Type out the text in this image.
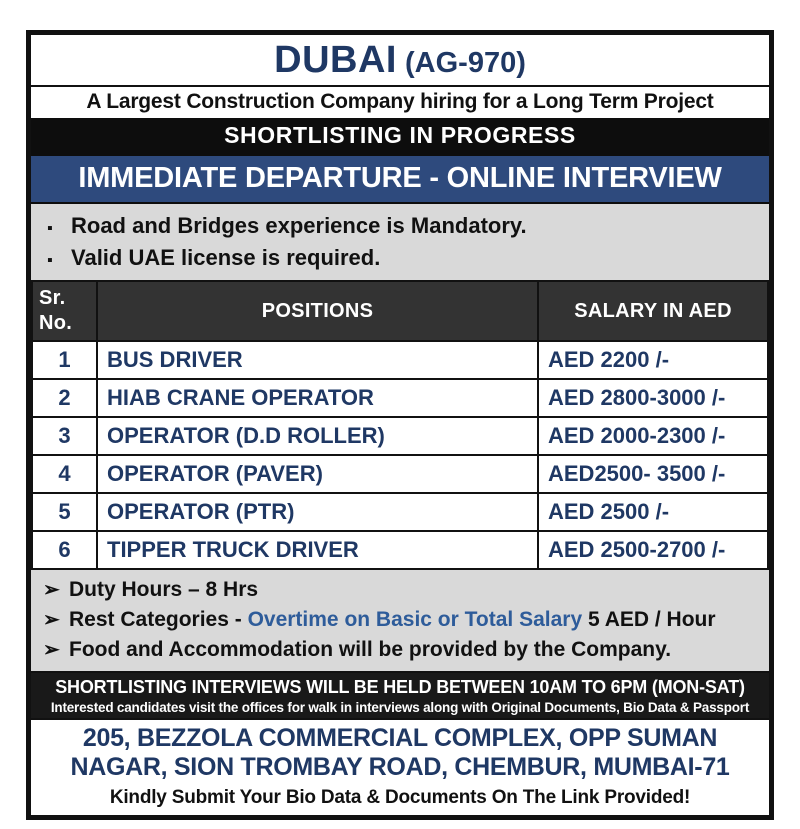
DUBAI (AG-970)
A Largest Construction Company hiring for a Long Term Project
SHORTLISTING IN PROGRESS
IMMEDIATE DEPARTURE - ONLINE INTERVIEW
▪ Road and Bridges experience is Mandatory.
▪ Valid UAE license is required.
Sr.
No.	POSITIONS	SALARY IN AED
1	BUS DRIVER	AED 2200 /-
2	HIAB CRANE OPERATOR	AED 2800-3000 /-
3	OPERATOR (D.D ROLLER)	AED 2000-2300 /-
4	OPERATOR (PAVER)	AED2500- 3500 /-
5	OPERATOR (PTR)	AED 2500 /-
6	TIPPER TRUCK DRIVER	AED 2500-2700 /-
➢ Duty Hours – 8 Hrs
➢ Rest Categories - Overtime on Basic or Total Salary 5 AED / Hour
➢ Food and Accommodation will be provided by the Company.
SHORTLISTING INTERVIEWS WILL BE HELD BETWEEN 10AM TO 6PM (MON-SAT)
Interested candidates visit the offices for walk in interviews along with Original Documents, Bio Data & Passport
205, BEZZOLA COMMERCIAL COMPLEX, OPP SUMAN
NAGAR, SION TROMBAY ROAD, CHEMBUR, MUMBAI-71
Kindly Submit Your Bio Data & Documents On The Link Provided!
